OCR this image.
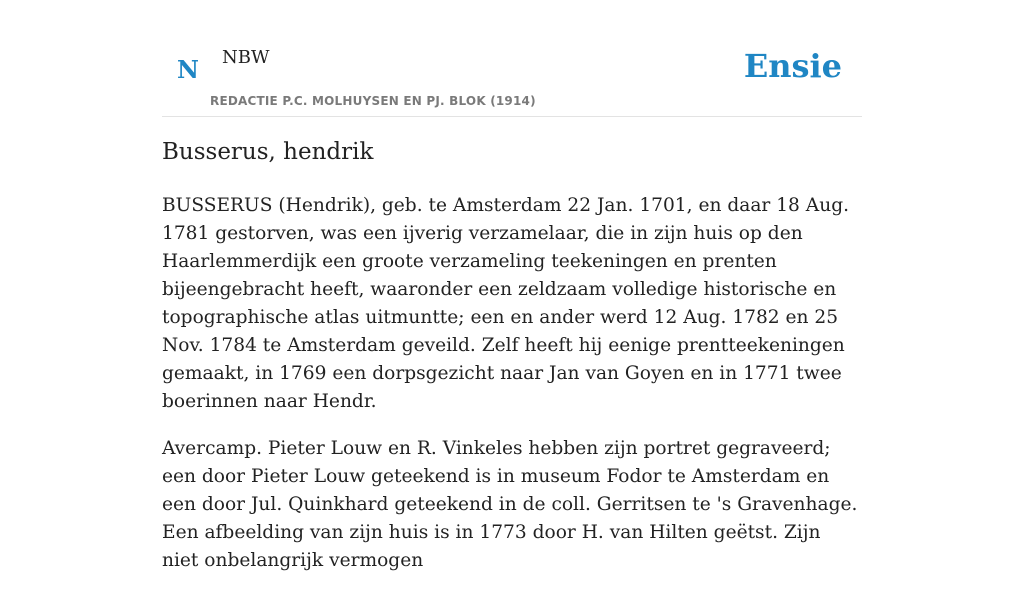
N NBW
REDACTIE P.C. MOLHUYSEN EN PJ. BLOK (1914)
Ensie
Busserus, hendrik

BUSSERUS (Hendrik), geb. te Amsterdam 22 Jan. 1701, en daar 18 Aug. 1781 gestorven, was een ijverig verzamelaar, die in zijn huis op den Haarlemmerdijk een groote verzameling teekeningen en prenten bijeengebracht heeft, waaronder een zeldzaam volledige historische en topographische atlas uitmuntte; een en ander werd 12 Aug. 1782 en 25 Nov. 1784 te Amsterdam geveild. Zelf heeft hij eenige prentteekeningen gemaakt, in 1769 een dorpsgezicht naar Jan van Goyen en in 1771 twee boerinnen naar Hendr.

Avercamp. Pieter Louw en R. Vinkeles hebben zijn portret gegraveerd; een door Pieter Louw geteekend is in museum Fodor te Amsterdam en een door Jul. Quinkhard geteekend in de coll. Gerritsen te 's Gravenhage. Een afbeelding van zijn huis is in 1773 door H. van Hilten geëtst. Zijn niet onbelangrijk vermogen
